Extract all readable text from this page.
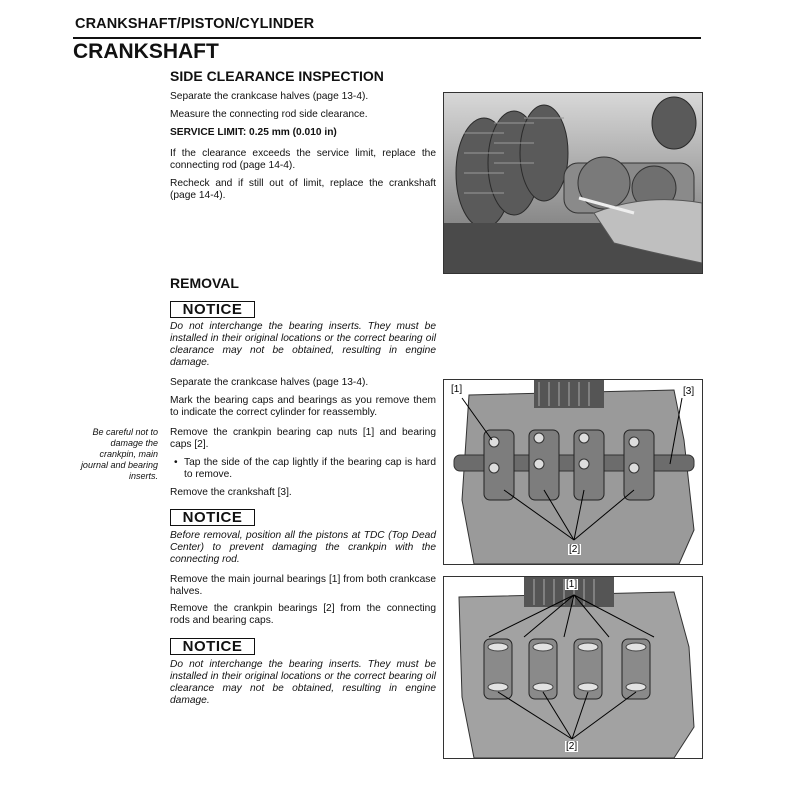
CRANKSHAFT/PISTON/CYLINDER
CRANKSHAFT
SIDE CLEARANCE INSPECTION
Separate the crankcase halves (page 13-4).
Measure the connecting rod side clearance.
SERVICE LIMIT: 0.25 mm (0.010 in)
If the clearance exceeds the service limit, replace the connecting rod (page 14-4).
Recheck and if still out of limit, replace the crankshaft (page 14-4).
REMOVAL
NOTICE
Do not interchange the bearing inserts. They must be installed in their original locations or the correct bearing oil clearance may not be obtained, resulting in engine damage.
Separate the crankcase halves (page 13-4).
Mark the bearing caps and bearings as you remove them to indicate the correct cylinder for reassembly.
Be careful not to damage the crankpin, main journal and bearing inserts.
Remove the crankpin bearing cap nuts [1] and bearing caps [2].
• Tap the side of the cap lightly if the bearing cap is hard to remove.
Remove the crankshaft [3].
NOTICE
Before removal, position all the pistons at TDC (Top Dead Center) to prevent damaging the crankpin with the connecting rod.
Remove the main journal bearings [1] from both crankcase halves.
Remove the crankpin bearings [2] from the connecting rods and bearing caps.
NOTICE
Do not interchange the bearing inserts. They must be installed in their original locations or the correct bearing oil clearance may not be obtained, resulting in engine damage.
[1]	[3]
[2]
[1]
[2]
